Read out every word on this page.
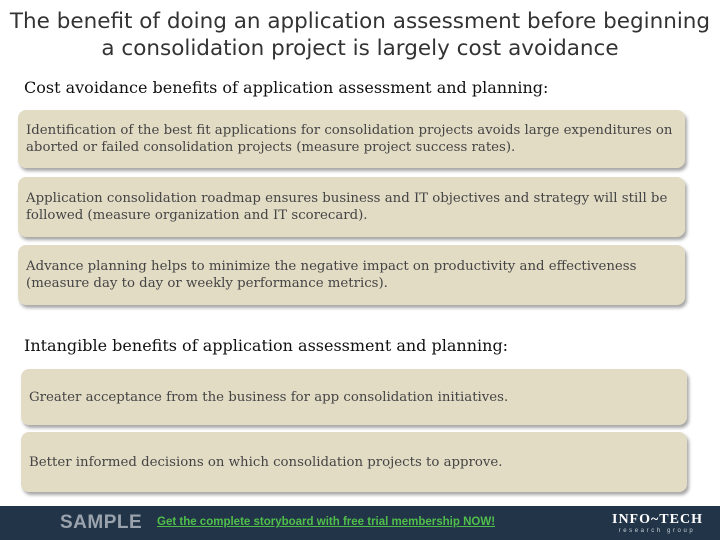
The benefit of doing an application assessment before beginning a consolidation project is largely cost avoidance
Cost avoidance benefits of application assessment and planning:
Identification of the best fit applications for consolidation projects avoids large expenditures on aborted or failed consolidation projects (measure project success rates).
Application consolidation roadmap ensures business and IT objectives and strategy will still be followed (measure organization and IT scorecard).
Advance planning helps to minimize the negative impact on productivity and effectiveness (measure day to day or weekly performance metrics).
Intangible benefits of application assessment and planning:
Greater acceptance from the business for app consolidation initiatives.
Better informed decisions on which consolidation projects to approve.
SAMPLE Get the complete storyboard with free trial membership NOW!	INFO~TECH
research group
